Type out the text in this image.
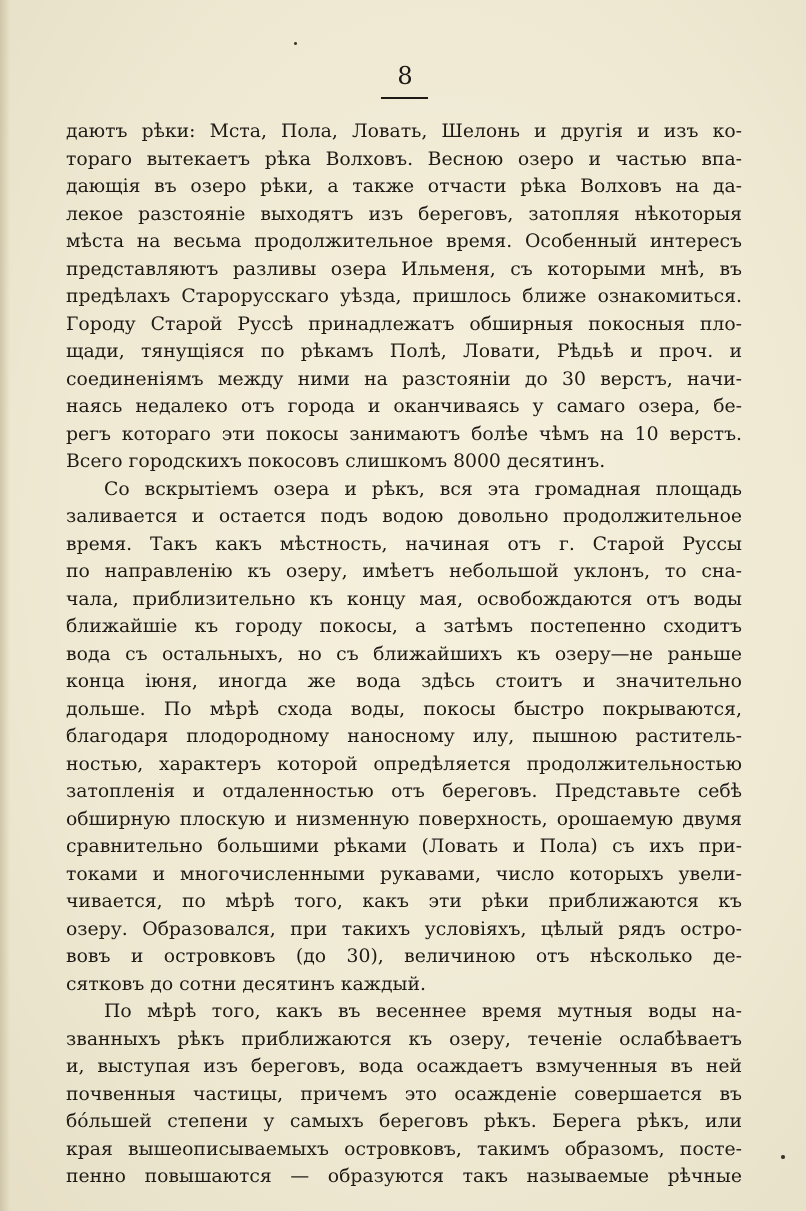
8
даютъ рѣки: Мста, Пола, Ловать, Шелонь и другія и изъ ко-
тораго вытекаетъ рѣка Волховъ. Весною озеро и частью впа-
дающія въ озеро рѣки, а также отчасти рѣка Волховъ на да-
лекое разстояніе выходятъ изъ береговъ, затопляя нѣкоторыя
мѣста на весьма продолжительное время. Особенный интересъ
представляютъ разливы озера Ильменя, съ которыми мнѣ, въ
предѣлахъ Старорусскаго уѣзда, пришлось ближе ознакомиться.
Городу Старой Руссѣ принадлежатъ обширныя покосныя пло-
щади, тянущіяся по рѣкамъ Полѣ, Ловати, Рѣдьѣ и проч. и
соединеніямъ между ними на разстояніи до 30 верстъ, начи-
наясь недалеко отъ города и оканчиваясь у самаго озера, бе-
регъ котораго эти покосы занимаютъ болѣе чѣмъ на 10 верстъ.
Всего городскихъ покосовъ слишкомъ 8000 десятинъ.
Со вскрытіемъ озера и рѣкъ, вся эта громадная площадь
заливается и остается подъ водою довольно продолжительное
время. Такъ какъ мѣстность, начиная отъ г. Старой Руссы
по направленію къ озеру, имѣетъ небольшой уклонъ, то сна-
чала, приблизительно къ концу мая, освобождаются отъ воды
ближайшіе къ городу покосы, а затѣмъ постепенно сходитъ
вода съ остальныхъ, но съ ближайшихъ къ озеру—не раньше
конца іюня, иногда же вода здѣсь стоитъ и значительно
дольше. По мѣрѣ схода воды, покосы быстро покрываются,
благодаря плодородному наносному илу, пышною раститель-
ностью, характеръ которой опредѣляется продолжительностью
затопленія и отдаленностью отъ береговъ. Представьте себѣ
обширную плоскую и низменную поверхность, орошаемую двумя
сравнительно большими рѣками (Ловать и Пола) съ ихъ при-
токами и многочисленными рукавами, число которыхъ увели-
чивается, по мѣрѣ того, какъ эти рѣки приближаются къ
озеру. Образовался, при такихъ условіяхъ, цѣлый рядъ остро-
вовъ и островковъ (до 30), величиною отъ нѣсколько де-
сятковъ до сотни десятинъ каждый.
По мѣрѣ того, какъ въ весеннее время мутныя воды на-
званныхъ рѣкъ приближаются къ озеру, теченіе ослабѣваетъ
и, выступая изъ береговъ, вода осаждаетъ взмученныя въ ней
почвенныя частицы, причемъ это осажденіе совершается въ
бо́льшей степени у самыхъ береговъ рѣкъ. Берега рѣкъ, или
края вышеописываемыхъ островковъ, такимъ образомъ, посте-
пенно повышаются — образуются такъ называемые рѣчные
